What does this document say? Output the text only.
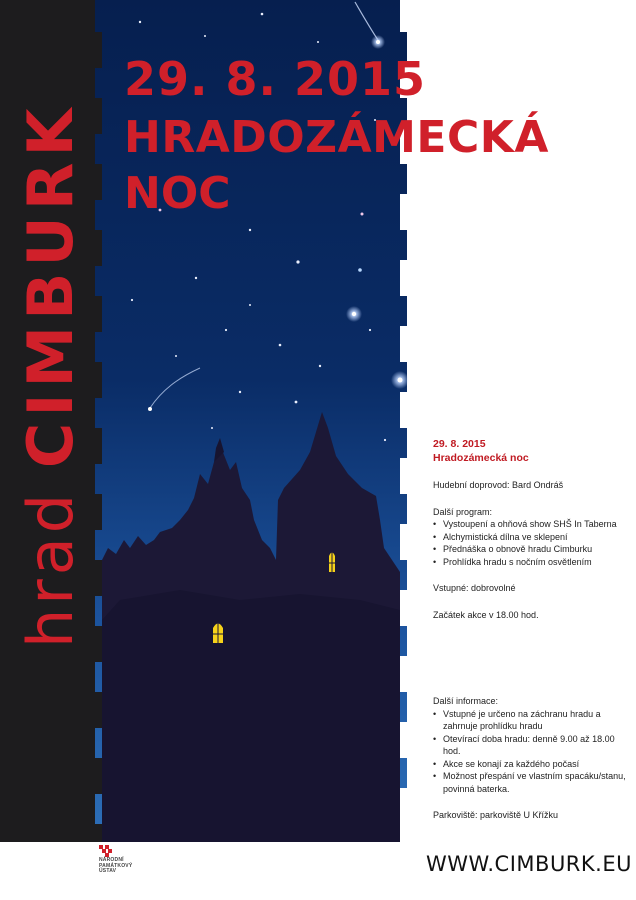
hrad CIMBURK
29. 8. 2015
HRADOZÁMECKÁ
NOC
29. 8. 2015
Hradozámecká noc

Hudební doprovod: Bard Ondráš

Další program:

• Vystoupení a ohňová show SHŠ In Taberna
• Alchymistická dílna ve sklepení
• Přednáška o obnově hradu Cimburku
• Prohlídka hradu s nočním osvětlením

Vstupné: dobrovolné

Začátek akce v 18.00 hod.

Další informace:

• Vstupné je určeno na záchranu hradu a zahrnuje prohlídku hradu
• Otevírací doba hradu: denně 9.00 až 18.00 hod.
• Akce se konají za každého počasí
• Možnost přespání ve vlastním spacáku/stanu, povinná baterka.

Parkoviště: parkoviště U Křížku

NÁRODNÍ
PAMÁTKOVÝ
ÚSTAV	WWW.CIMBURK.EU
